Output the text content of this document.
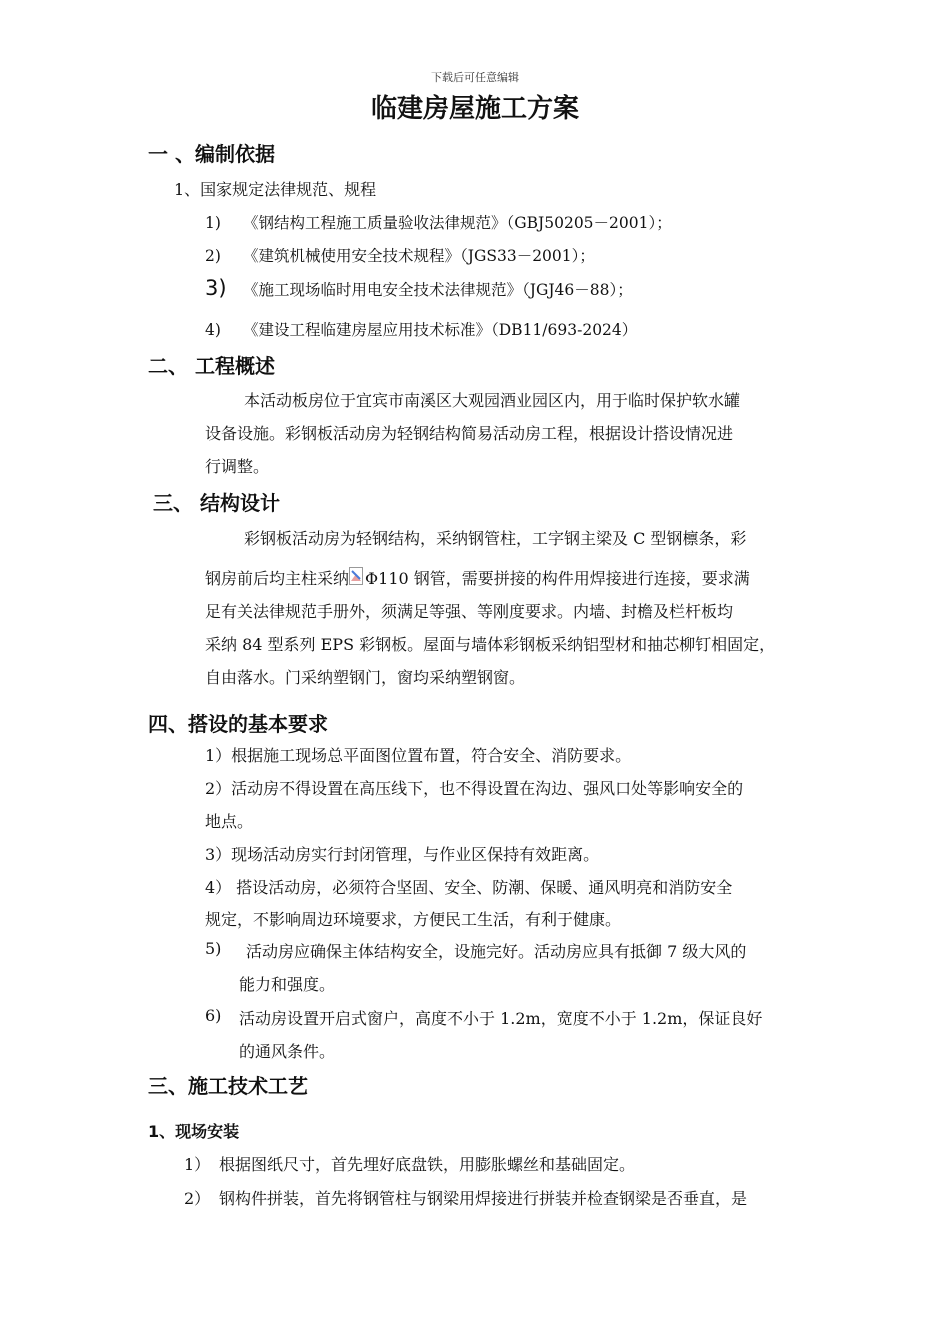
下载后可任意编辑
临建房屋施工方案
一 、编制依据
1、国家规定法律规范、规程
1) 《钢结构工程施工质量验收法律规范》（GBJ50205－2001）；
2) 《建筑机械使用安全技术规程》（JGS33－2001）；
3) 《施工现场临时用电安全技术法律规范》（JGJ46－88）；
4) 《建设工程临建房屋应用技术标准》（DB11/693-2024）
二、 工程概述
本活动板房位于宜宾市南溪区大观园酒业园区内，用于临时保护软水罐
设备设施。彩钢板活动房为轻钢结构简易活动房工程，根据设计搭设情况进
行调整。
三、 结构设计
彩钢板活动房为轻钢结构，采纳钢管柱，工字钢主梁及 C 型钢檩条，彩
钢房前后均主柱采纳 Φ110 钢管，需要拼接的构件用焊接进行连接，要求满
足有关法律规范手册外，须满足等强、等刚度要求。内墙、封檐及栏杆板均
采纳 84 型系列 EPS 彩钢板。屋面与墙体彩钢板采纳铝型材和抽芯柳钉相固定，
自由落水。门采纳塑钢门，窗均采纳塑钢窗。
四、搭设的基本要求
1）根据施工现场总平面图位置布置，符合安全、消防要求。
2）活动房不得设置在高压线下，也不得设置在沟边、强风口处等影响安全的
地点。
3）现场活动房实行封闭管理，与作业区保持有效距离。
4） 搭设活动房，必须符合坚固、安全、防潮、保暖、通风明亮和消防安全
规定，不影响周边环境要求，方便民工生活，有利于健康。
5) 活动房应确保主体结构安全，设施完好。活动房应具有抵御 7 级大风的
能力和强度。
6) 活动房设置开启式窗户，高度不小于 1.2m，宽度不小于 1.2m，保证良好
的通风条件。
三、施工技术工艺
1、现场安装
1） 根据图纸尺寸，首先埋好底盘铁，用膨胀螺丝和基础固定。
2） 钢构件拼装，首先将钢管柱与钢梁用焊接进行拼装并检查钢梁是否垂直，是
